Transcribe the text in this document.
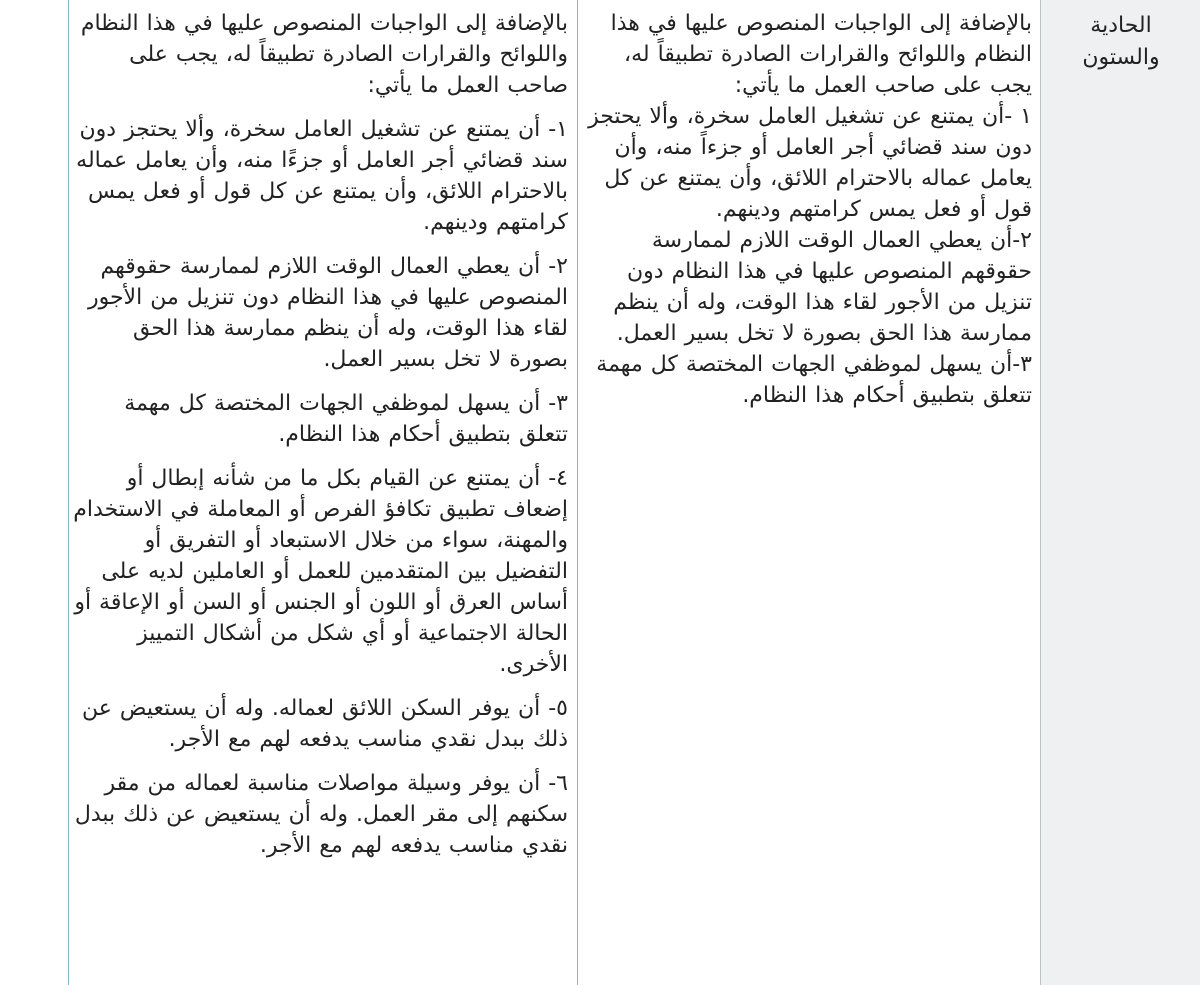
الحادية والستون

بالإضافة إلى الواجبات المنصوص عليها في هذا النظام واللوائح والقرارات الصادرة تطبيقاً له، يجب على صاحب العمل ما يأتي:

١ -أن يمتنع عن تشغيل العامل سخرة، وألا يحتجز دون سند قضائي أجر العامل أو جزءاً منه، وأن يعامل عماله بالاحترام اللائق، وأن يمتنع عن كل قول أو فعل يمس كرامتهم ودينهم.

٢-أن يعطي العمال الوقت اللازم لممارسة حقوقهم المنصوص عليها في هذا النظام دون تنزيل من الأجور لقاء هذا الوقت، وله أن ينظم ممارسة هذا الحق بصورة لا تخل بسير العمل.

٣-أن يسهل لموظفي الجهات المختصة كل مهمة تتعلق بتطبيق أحكام هذا النظام.

بالإضافة إلى الواجبات المنصوص عليها في هذا النظام واللوائح والقرارات الصادرة تطبيقاً له، يجب على صاحب العمل ما يأتي:

١- أن يمتنع عن تشغيل العامل سخرة، وألا يحتجز دون سند قضائي أجر العامل أو جزءًا منه، وأن يعامل عماله بالاحترام اللائق، وأن يمتنع عن كل قول أو فعل يمس كرامتهم ودينهم.

٢- أن يعطي العمال الوقت اللازم لممارسة حقوقهم المنصوص عليها في هذا النظام دون تنزيل من الأجور لقاء هذا الوقت، وله أن ينظم ممارسة هذا الحق بصورة لا تخل بسير العمل.

٣- أن يسهل لموظفي الجهات المختصة كل مهمة تتعلق بتطبيق أحكام هذا النظام.

٤- أن يمتنع عن القيام بكل ما من شأنه إبطال أو إضعاف تطبيق تكافؤ الفرص أو المعاملة في الاستخدام والمهنة، سواء من خلال الاستبعاد أو التفريق أو التفضيل بين المتقدمين للعمل أو العاملين لديه على أساس العرق أو اللون أو الجنس أو السن أو الإعاقة أو الحالة الاجتماعية أو أي شكل من أشكال التمييز الأخرى.

٥- أن يوفر السكن اللائق لعماله. وله أن يستعيض عن ذلك ببدل نقدي مناسب يدفعه لهم مع الأجر.

٦- أن يوفر وسيلة مواصلات مناسبة لعماله من مقر سكنهم إلى مقر العمل. وله أن يستعيض عن ذلك ببدل نقدي مناسب يدفعه لهم مع الأجر.
